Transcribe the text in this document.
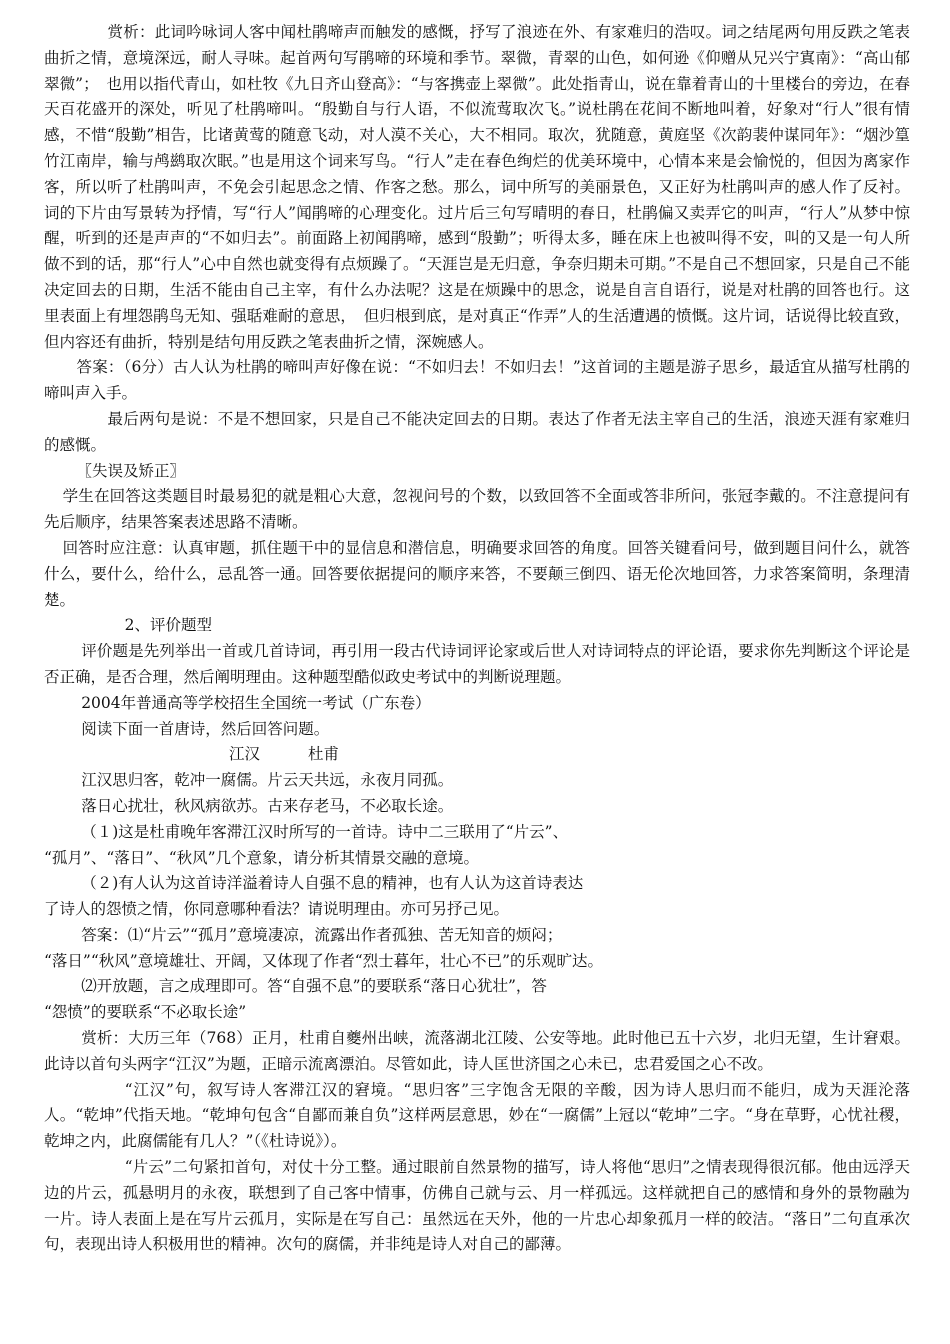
赏析：此词吟咏词人客中闻杜鹃啼声而触发的感慨，抒写了浪迹在外、有家难归的浩叹。词之结尾两句用反跌之笔表曲折之情，意境深远，耐人寻味。起首两句写鹃啼的环境和季节。翠微，青翠的山色，如何逊《仰赠从兄兴宁寘南》：“高山郁翠微”；　也用以指代青山，如杜牧《九日齐山登高》：“与客携壶上翠微”。此处指青山，说在靠着青山的十里楼台的旁边，在春天百花盛开的深处，听见了杜鹃啼叫。“殷勤自与行人语，不似流莺取次飞。”说杜鹃在花间不断地叫着，好象对“行人”很有情感，不惜“殷勤”相告，比诸黄莺的随意飞动，对人漠不关心，大不相同。取次，犹随意，黄庭坚《次韵裴仲谋同年》：“烟沙篁竹江南岸，输与鸬鹚取次眠。”也是用这个词来写鸟。“行人”走在春色绚烂的优美环境中，心情本来是会愉悦的，但因为离家作客，所以听了杜鹃叫声，不免会引起思念之情、作客之愁。那么，词中所写的美丽景色，又正好为杜鹃叫声的感人作了反衬。词的下片由写景转为抒情，写“行人”闻鹃啼的心理变化。过片后三句写晴明的春日，杜鹃偏又卖弄它的叫声，“行人”从梦中惊醒，听到的还是声声的“不如归去”。前面路上初闻鹃啼，感到“殷勤”；听得太多，睡在床上也被叫得不安，叫的又是一句人所做不到的话，那“行人”心中自然也就变得有点烦躁了。“天涯岂是无归意，争奈归期未可期。”不是自己不想回家，只是自己不能决定回去的日期，生活不能由自己主宰，有什么办法呢？这是在烦躁中的思念，说是自言自语行，说是对杜鹃的回答也行。这里表面上有埋怨鹃鸟无知、强聒难耐的意思，　但归根到底，是对真正“作弄”人的生活遭遇的愤慨。这片词，话说得比较直致，但内容还有曲折，特别是结句用反跌之笔表曲折之情，深婉感人。

答案：（6分）古人认为杜鹃的啼叫声好像在说：“不如归去！不如归去！”这首词的主题是游子思乡，最适宜从描写杜鹃的啼叫声入手。

最后两句是说：不是不想回家，只是自己不能决定回去的日期。表达了作者无法主宰自己的生活，浪迹天涯有家难归的感慨。

〖失误及矫正〗

学生在回答这类题目时最易犯的就是粗心大意，忽视问号的个数，以致回答不全面或答非所问，张冠李戴的。不注意提问有先后顺序，结果答案表述思路不清晰。

回答时应注意：认真审题，抓住题干中的显信息和潜信息，明确要求回答的角度。回答关键看问号，做到题目问什么，就答什么，要什么，给什么，忌乱答一通。回答要依据提问的顺序来答，不要颠三倒四、语无伦次地回答，力求答案简明，条理清楚。

2、评价题型

评价题是先列举出一首或几首诗词，再引用一段古代诗词评论家或后世人对诗词特点的评论语，要求你先判断这个评论是否正确，是否合理，然后阐明理由。这种题型酷似政史考试中的判断说理题。

2004年普通高等学校招生全国统一考试（广东卷）

阅读下面一首唐诗，然后回答问题。

江汉	杜甫

江汉思归客，乾冲一腐儒。片云天共远，永夜月同孤。

落日心扰壮，秋风病欲苏。古来存老马，不必取长途。

（１)这是杜甫晚年客滞江汉时所写的一首诗。诗中二三联用了“片云”、

“孤月”、“落日”、“秋风”几个意象，请分析其情景交融的意境。

（２)有人认为这首诗洋溢着诗人自强不息的精神，也有人认为这首诗表达

了诗人的怨愤之情，你同意哪种看法？请说明理由。亦可另抒己见。

答案：⑴“片云”“孤月”意境凄凉，流露出作者孤独、苦无知音的烦闷；

“落日”“秋风”意境雄壮、开阔，又体现了作者“烈士暮年，壮心不已”的乐观旷达。

⑵开放题，言之成理即可。答“自强不息”的要联系“落日心犹壮”，答

“怨愤”的要联系“不必取长途”

赏析：大历三年（768）正月，杜甫自夔州出峡，流落湖北江陵、公安等地。此时他已五十六岁，北归无望，生计窘艰。此诗以首句头两字“江汉”为题，正暗示流离漂泊。尽管如此，诗人匡世济国之心未已，忠君爱国之心不改。

“江汉”句，叙写诗人客滞江汉的窘境。“思归客”三字饱含无限的辛酸，因为诗人思归而不能归，成为天涯沦落人。“乾坤”代指天地。“乾坤句包含“自鄙而兼自负”这样两层意思，妙在“一腐儒”上冠以“乾坤”二字。“身在草野，心忧社稷，乾坤之内，此腐儒能有几人？”（《杜诗说》）。

“片云”二句紧扣首句，对仗十分工整。通过眼前自然景物的描写，诗人将他“思归”之情表现得很沉郁。他由远浮天边的片云，孤悬明月的永夜，联想到了自己客中情事，仿佛自己就与云、月一样孤远。这样就把自己的感情和身外的景物融为一片。诗人表面上是在写片云孤月，实际是在写自己：虽然远在天外，他的一片忠心却象孤月一样的皎洁。“落日”二句直承次句，表现出诗人积极用世的精神。次句的腐儒，并非纯是诗人对自己的鄙薄。
